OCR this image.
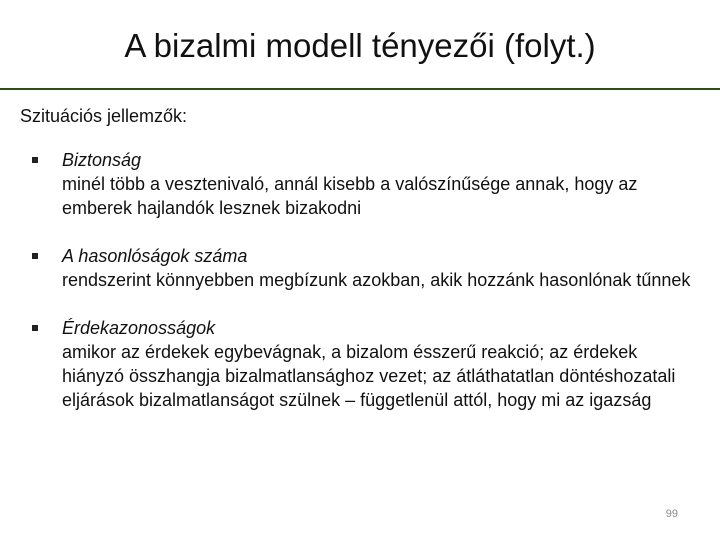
A bizalmi modell tényezői (folyt.)
Szituációs jellemzők:
Biztonság
minél több a vesztenivaló, annál kisebb a valószínűsége annak, hogy az emberek hajlandók lesznek bizakodni
A hasonlóságok száma
rendszerint könnyebben megbízunk azokban, akik hozzánk hasonlónak tűnnek
Érdekazonosságok
amikor az érdekek egybevágnak, a bizalom ésszerű reakció; az érdekek hiányzó összhangja bizalmatlansághoz vezet; az átláthatatlan döntéshozatali eljárások bizalmatlanságot szülnek – függetlenül attól, hogy mi az igazság
99
